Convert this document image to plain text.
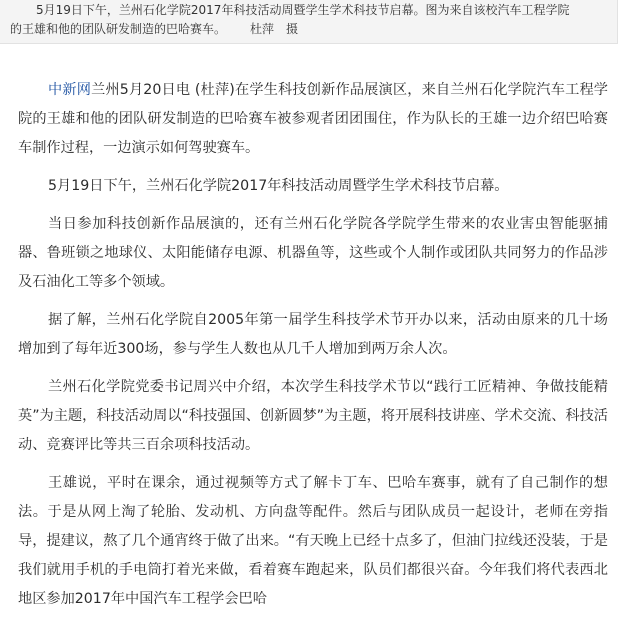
5月19日下午，兰州石化学院2017年科技活动周暨学生学术科技节启幕。图为来自该校汽车工程学院
的王雄和他的团队研发制造的巴哈赛车。 杜萍 摄

中新网兰州5月20日电 (杜萍)在学生科技创新作品展演区，来自兰州石化学院汽车工程学院的王雄和他的团队研发制造的巴哈赛车被参观者团团围住，作为队长的王雄一边介绍巴哈赛车制作过程，一边演示如何驾驶赛车。

5月19日下午，兰州石化学院2017年科技活动周暨学生学术科技节启幕。

当日参加科技创新作品展演的，还有兰州石化学院各学院学生带来的农业害虫智能驱捕器、鲁班锁之地球仪、太阳能储存电源、机器鱼等，这些或个人制作或团队共同努力的作品涉及石油化工等多个领域。

据了解，兰州石化学院自2005年第一届学生科技学术节开办以来，活动由原来的几十场增加到了每年近300场，参与学生人数也从几千人增加到两万余人次。

兰州石化学院党委书记周兴中介绍，本次学生科技学术节以“践行工匠精神、争做技能精英”为主题，科技活动周以“科技强国、创新圆梦”为主题，将开展科技讲座、学术交流、科技活动、竞赛评比等共三百余项科技活动。

王雄说，平时在课余，通过视频等方式了解卡丁车、巴哈车赛事，就有了自己制作的想法。于是从网上淘了轮胎、发动机、方向盘等配件。然后与团队成员一起设计，老师在旁指导，提建议，熬了几个通宵终于做了出来。“有天晚上已经十点多了，但油门拉线还没装，于是我们就用手机的手电筒打着光来做，看着赛车跑起来，队员们都很兴奋。今年我们将代表西北地区参加2017年中国汽车工程学会巴哈
